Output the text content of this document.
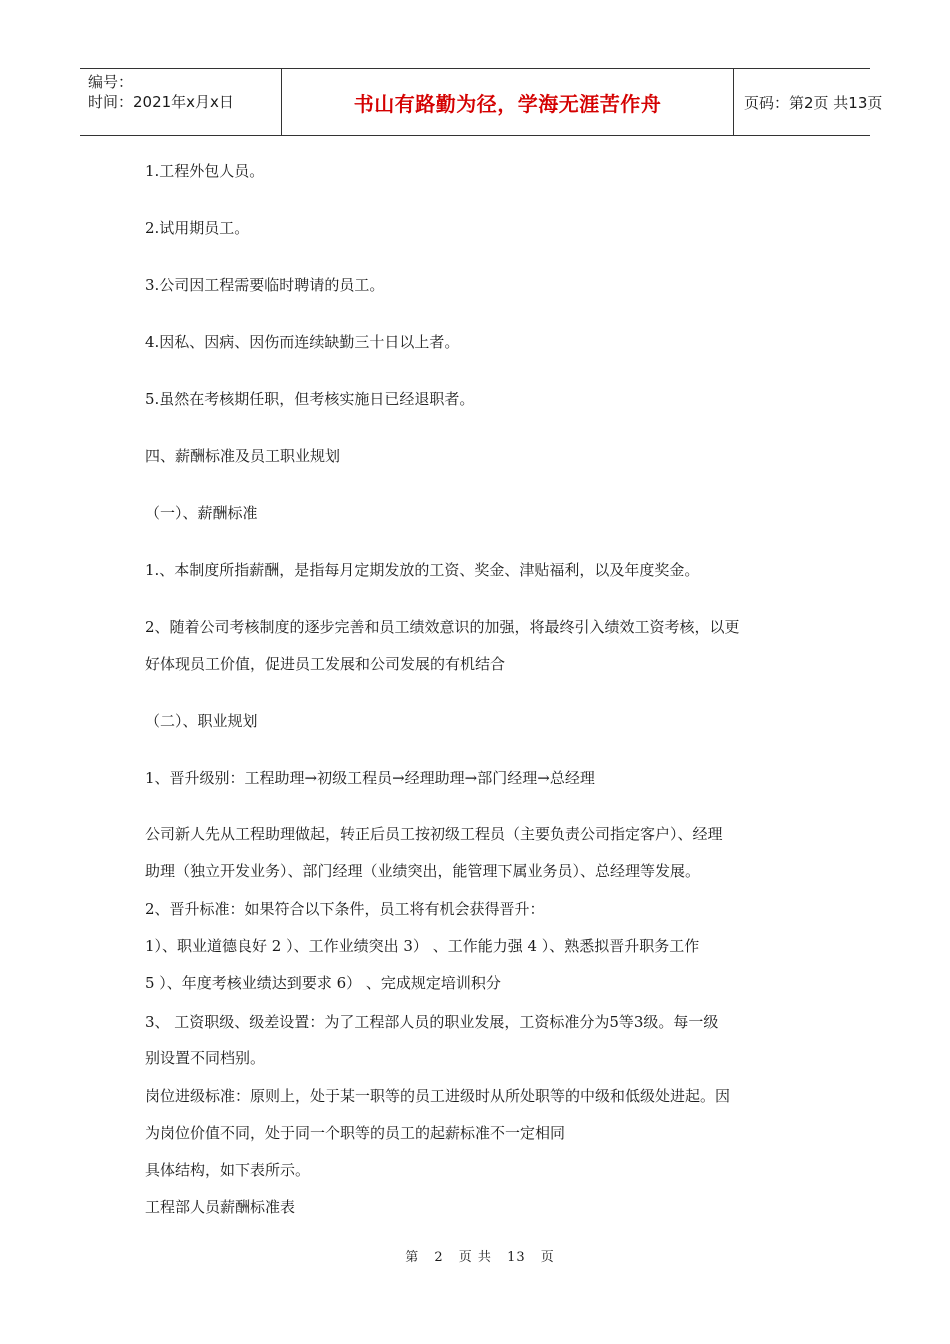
编号：
时间：2021年x月x日	书山有路勤为径，学海无涯苦作舟	页码：第2页 共13页
1.工程外包人员。
2.试用期员工。
3.公司因工程需要临时聘请的员工。
4.因私、因病、因伤而连续缺勤三十日以上者。
5.虽然在考核期任职，但考核实施日已经退职者。
四、薪酬标准及员工职业规划
（一）、薪酬标准
1.、本制度所指薪酬，是指每月定期发放的工资、奖金、津贴福利，以及年度奖金。
2、随着公司考核制度的逐步完善和员工绩效意识的加强，将最终引入绩效工资考核，以更
好体现员工价值，促进员工发展和公司发展的有机结合
（二）、职业规划
1、晋升级别：工程助理→初级工程员→经理助理→部门经理→总经理
公司新人先从工程助理做起，转正后员工按初级工程员（主要负责公司指定客户）、经理
助理（独立开发业务）、部门经理（业绩突出，能管理下属业务员）、总经理等发展。
2、晋升标准：如果符合以下条件，员工将有机会获得晋升：
1）、职业道德良好 2 ）、工作业绩突出 3） 、工作能力强 4 ）、熟悉拟晋升职务工作
5 ）、年度考核业绩达到要求 6） 、完成规定培训积分
3、 工资职级、级差设置：为了工程部人员的职业发展，工资标准分为5等3级。每一级
别设置不同档别。
岗位进级标准：原则上，处于某一职等的员工进级时从所处职等的中级和低级处进起。因
为岗位价值不同，处于同一个职等的员工的起薪标准不一定相同
具体结构，如下表所示。
工程部人员薪酬标准表
第 2 页 共 13 页
